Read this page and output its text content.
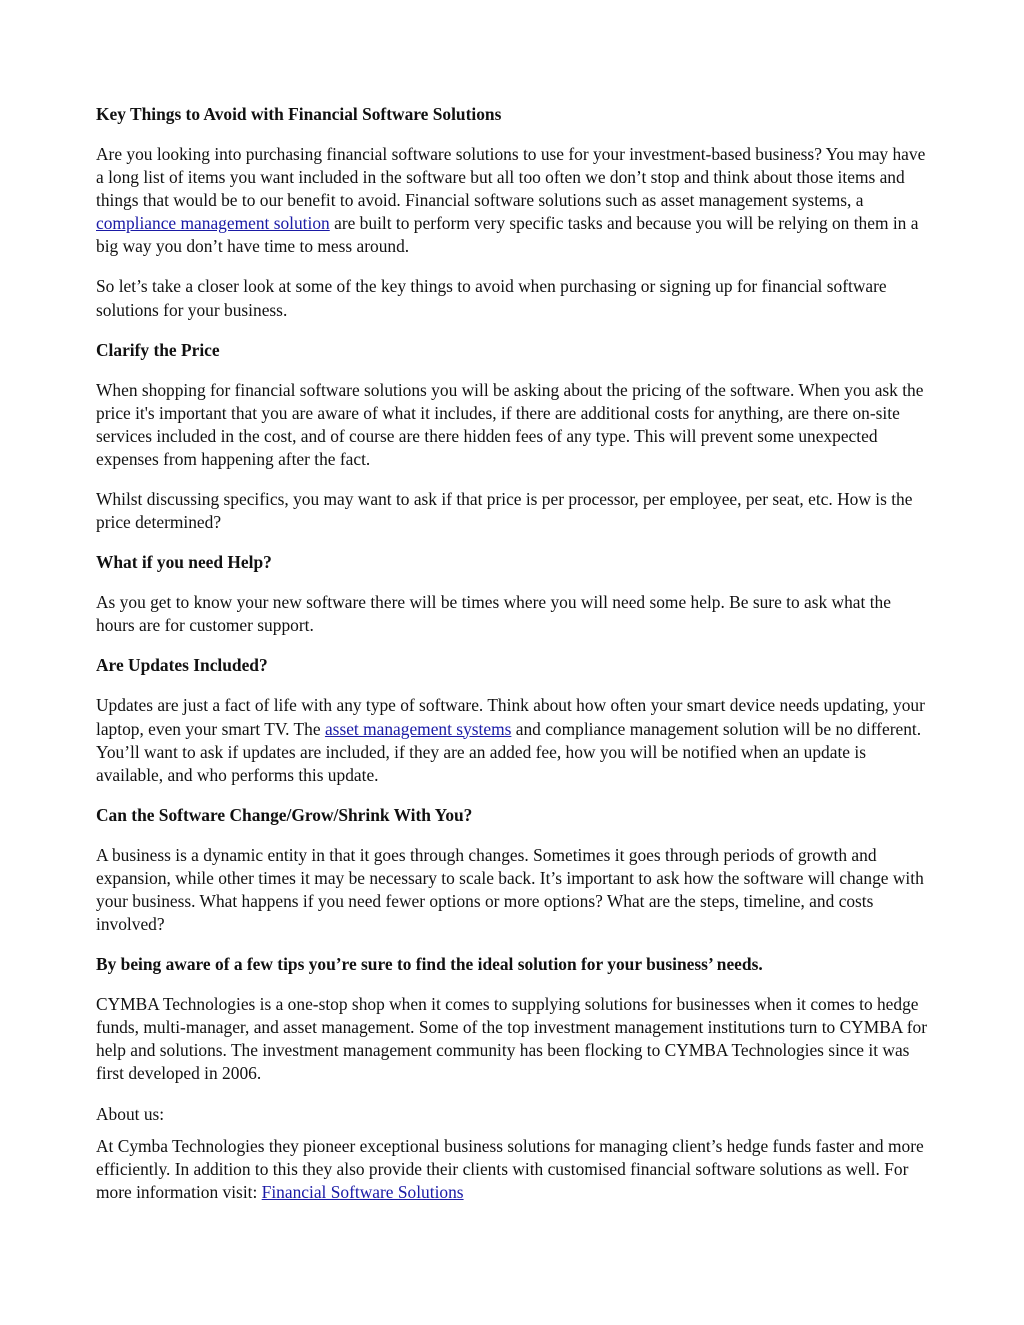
Key Things to Avoid with Financial Software Solutions

Are you looking into purchasing financial software solutions to use for your investment-based business? You may have a long list of items you want included in the software but all too often we don’t stop and think about those items and things that would be to our benefit to avoid. Financial software solutions such as asset management systems, a compliance management solution are built to perform very specific tasks and because you will be relying on them in a big way you don’t have time to mess around.

So let’s take a closer look at some of the key things to avoid when purchasing or signing up for financial software solutions for your business.

Clarify the Price

When shopping for financial software solutions you will be asking about the pricing of the software. When you ask the price it's important that you are aware of what it includes, if there are additional costs for anything, are there on-site services included in the cost, and of course are there hidden fees of any type. This will prevent some unexpected expenses from happening after the fact.

Whilst discussing specifics, you may want to ask if that price is per processor, per employee, per seat, etc. How is the price determined?

What if you need Help?

As you get to know your new software there will be times where you will need some help. Be sure to ask what the hours are for customer support.

Are Updates Included?

Updates are just a fact of life with any type of software. Think about how often your smart device needs updating, your laptop, even your smart TV. The asset management systems and compliance management solution will be no different. You’ll want to ask if updates are included, if they are an added fee, how you will be notified when an update is available, and who performs this update.

Can the Software Change/Grow/Shrink With You?

A business is a dynamic entity in that it goes through changes. Sometimes it goes through periods of growth and expansion, while other times it may be necessary to scale back. It’s important to ask how the software will change with your business. What happens if you need fewer options or more options? What are the steps, timeline, and costs involved?

By being aware of a few tips you’re sure to find the ideal solution for your business’ needs.

CYMBA Technologies is a one-stop shop when it comes to supplying solutions for businesses when it comes to hedge funds, multi-manager, and asset management. Some of the top investment management institutions turn to CYMBA for help and solutions. The investment management community has been flocking to CYMBA Technologies since it was first developed in 2006.

About us:

At Cymba Technologies they pioneer exceptional business solutions for managing client’s hedge funds faster and more efficiently. In addition to this they also provide their clients with customised financial software solutions as well. For more information visit: Financial Software Solutions
